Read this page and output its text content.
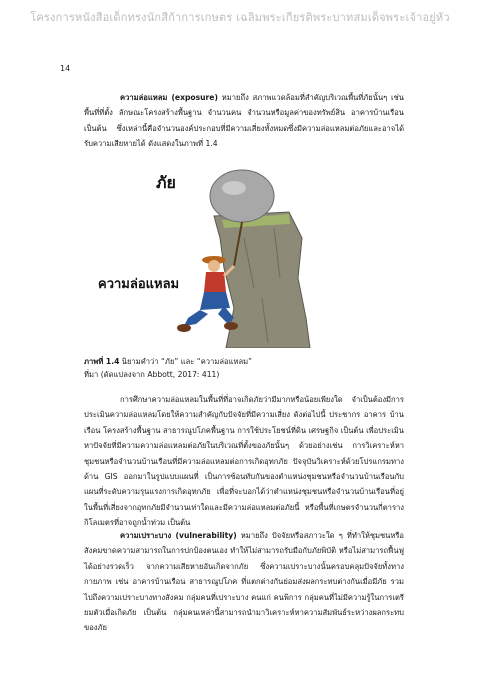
โครงการหนังสือเด็กทรงนักสีก้าการเกษตร เฉลิมพระเกียรติพระบาทสมเด็จพระเจ้าอยู่หัว
14

ความล่อแหลม (exposure) หมายถึง สภาพแวดล้อมที่สำคัญบริเวณพื้นที่ภัยนั้นๆ เช่น พื้นที่ที่ตั้ง ลักษณะโครงสร้างพื้นฐาน จำนวนคน จำนวนหรือมูลค่าของทรัพย์สิน อาคารบ้านเรือน เป็นต้น ซึ่งเหล่านี้คือจำนวนองค์ประกอบที่มีความเสี่ยงทั้งหมดซึ่งมีความล่อแหลมต่อภัยและอาจได้รับความเสียหายได้ ดังแสดงในภาพที่ 1.4

ภัย
ความล่อแหลม

ภาพที่ 1.4 นิยามคำว่า “ภัย” และ “ความล่อแหลม”

ที่มา (ดัดแปลงจาก Abbott, 2017: 411)

การศึกษาความล่อแหลมในพื้นที่ที่อาจเกิดภัยว่ามีมากหรือน้อยเพียงใด จำเป็นต้องมีการประเมินความล่อแหลมโดยให้ความสำคัญกับปัจจัยที่มีความเสี่ยง ดังต่อไปนี้ ประชากร อาคาร บ้านเรือน โครงสร้างพื้นฐาน สาธารณูปโภคพื้นฐาน การใช้ประโยชน์ที่ดิน เศรษฐกิจ เป็นต้น เพื่อประเมินหาปัจจัยที่มีความความล่อแหลมต่อภัยในบริเวณที่ตั้งของภัยนั้นๆ ด้วยอย่างเช่น การวิเคราะห์หาชุมชนหรือจำนวนบ้านเรือนที่มีความล่อแหลมต่อการเกิดอุทกภัย ปัจจุบันวิเคราะห์ด้วยโปรแกรมทางด้าน GIS ออกมาในรูปแบบแผนที่ เป็นการซ้อนทับกันของตำแหน่งชุมชนหรือจำนวนบ้านเรือนกับแผนที่ระดับความรุนแรงการเกิดอุทกภัย เพื่อที่จะบอกได้ว่าตำแหน่งชุมชนหรือจำนวนบ้านเรือนที่อยู่ในพื้นที่เสี่ยงจากอุทกภัยมีจำนวนเท่าใดและมีความล่อแหลมต่อภัยนี้ หรือพื้นที่เกษตรจำนวนกี่ตารางกิโลเมตรที่อาจถูกน้ำท่วม เป็นต้น

ความเปราะบาง (vulnerability) หมายถึง ปัจจัยหรือสภาวะใด ๆ ที่ทำให้ชุมชนหรือสังคมขาดความสามารถในการปกป้องตนเอง ทำให้ไม่สามารถรับมือกับภัยพิบัติ หรือไม่สามารถฟื้นฟูได้อย่างรวดเร็ว จากความเสียหายอันเกิดจากภัย ซึ่งความเปราะบางนั้นครอบคลุมปัจจัยทั้งทางกายภาพ เช่น อาคารบ้านเรือน สาธารณูปโภค ที่แตกต่างกันย่อมส่งผลกระทบต่างกันเมื่อมีภัย รวมไปถึงความเปราะบางทางสังคม กลุ่มคนที่เปราะบาง คนแก่ คนพิการ กลุ่มคนที่ไม่มีความรู้ในการเตรียมตัวเมื่อเกิดภัย เป็นต้น กลุ่มคนเหล่านี้สามารถนำมาวิเคราะห์หาความสัมพันธ์ระหว่างผลกระทบของภัย
